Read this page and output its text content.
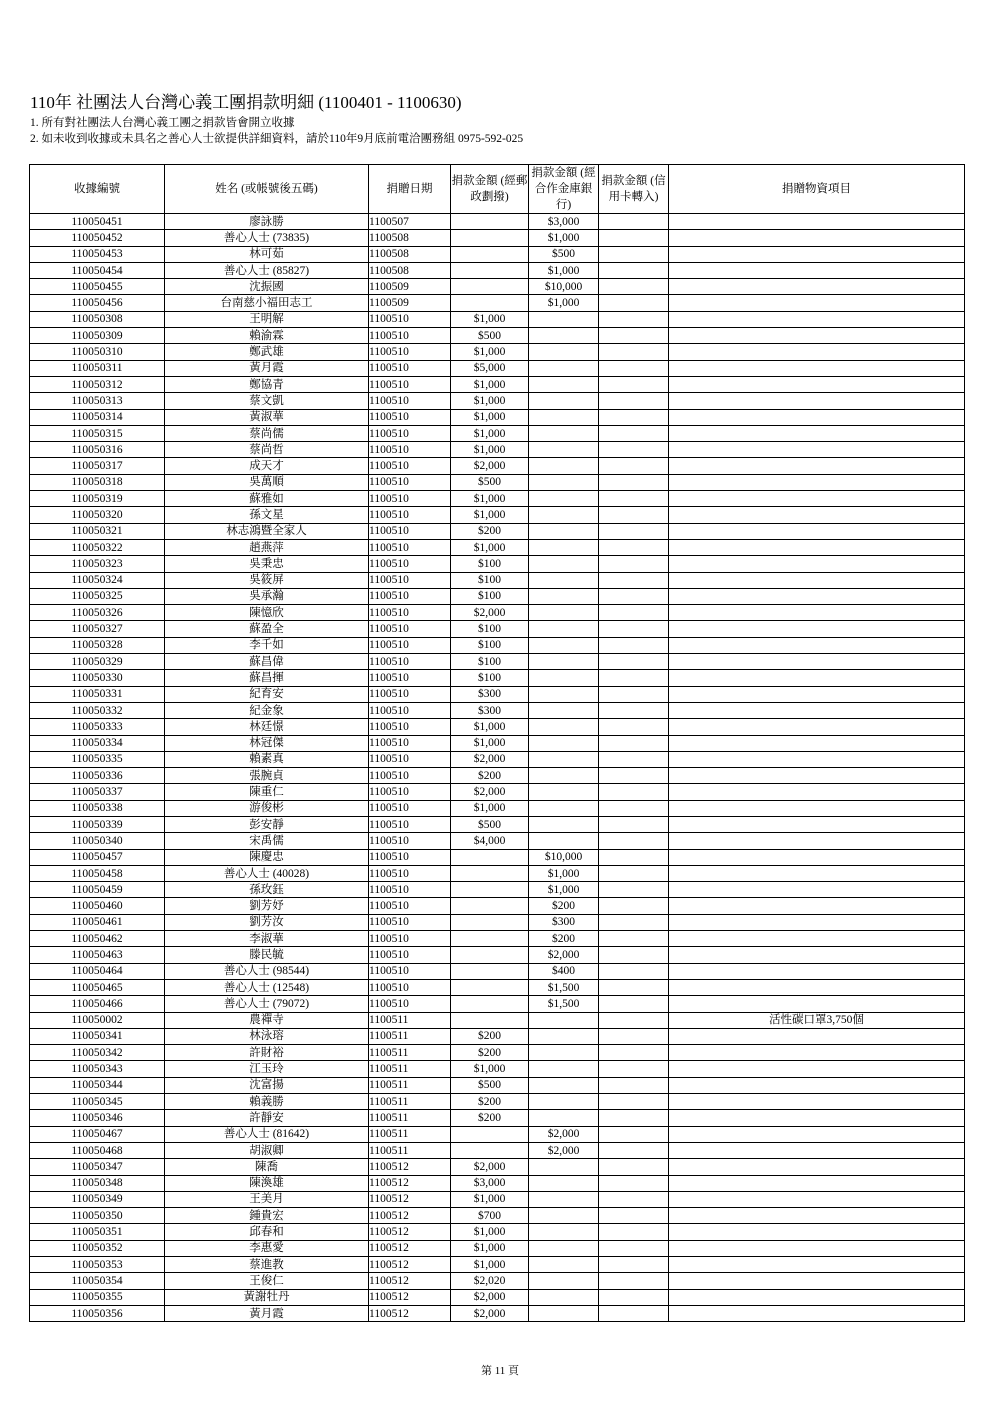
110年 社團法人台灣心義工團捐款明細 (1100401 - 1100630)
1. 所有對社團法人台灣心義工團之捐款皆會開立收據
2. 如未收到收據或未具名之善心人士欲提供詳細資料，請於110年9月底前電洽團務組 0975-592-025
收據編號	姓名 (或帳號後五碼)	捐贈日期	捐款金額 (經郵政劃撥)	捐款金額 (經合作金庫銀行)	捐款金額 (信用卡轉入)	捐贈物資項目
110050451	廖詠勝	1100507		$3,000		
110050452	善心人士 (73835)	1100508		$1,000		
110050453	林可茹	1100508		$500		
110050454	善心人士 (85827)	1100508		$1,000		
110050455	沈振國	1100509		$10,000		
110050456	台南慈小福田志工	1100509		$1,000		
110050308	王明解	1100510	$1,000			
110050309	賴渝霖	1100510	$500			
110050310	鄭武雄	1100510	$1,000			
110050311	黃月霞	1100510	$5,000			
110050312	鄭協青	1100510	$1,000			
110050313	蔡文凱	1100510	$1,000			
110050314	黃淑華	1100510	$1,000			
110050315	蔡尚儒	1100510	$1,000			
110050316	蔡尚哲	1100510	$1,000			
110050317	成天才	1100510	$2,000			
110050318	吳萬順	1100510	$500			
110050319	蘇雅如	1100510	$1,000			
110050320	孫文星	1100510	$1,000			
110050321	林志鴻暨全家人	1100510	$200			
110050322	趙燕萍	1100510	$1,000			
110050323	吳秉忠	1100510	$100			
110050324	吳筱屏	1100510	$100			
110050325	吳承瀚	1100510	$100			
110050326	陳憶欣	1100510	$2,000			
110050327	蘇盈全	1100510	$100			
110050328	李千如	1100510	$100			
110050329	蘇昌偉	1100510	$100			
110050330	蘇昌揮	1100510	$100			
110050331	紀育安	1100510	$300			
110050332	紀金象	1100510	$300			
110050333	林廷憬	1100510	$1,000			
110050334	林冠傑	1100510	$1,000			
110050335	賴素真	1100510	$2,000			
110050336	張腕貞	1100510	$200			
110050337	陳重仁	1100510	$2,000			
110050338	游俊彬	1100510	$1,000			
110050339	彭安靜	1100510	$500			
110050340	宋禹儒	1100510	$4,000			
110050457	陳慶忠	1100510		$10,000		
110050458	善心人士 (40028)	1100510		$1,000		
110050459	孫玫鈺	1100510		$1,000		
110050460	劉芳妤	1100510		$200		
110050461	劉芳汝	1100510		$300		
110050462	李淑華	1100510		$200		
110050463	滕民毓	1100510		$2,000		
110050464	善心人士 (98544)	1100510		$400		
110050465	善心人士 (12548)	1100510		$1,500		
110050466	善心人士 (79072)	1100510		$1,500		
110050002	農禪寺	1100511				活性碳口罩3,750個
110050341	林泳瑢	1100511	$200			
110050342	許財裕	1100511	$200			
110050343	江玉玲	1100511	$1,000			
110050344	沈富揚	1100511	$500			
110050345	賴義勝	1100511	$200			
110050346	許靜安	1100511	$200			
110050467	善心人士 (81642)	1100511		$2,000		
110050468	胡淑卿	1100511		$2,000		
110050347	陳喬	1100512	$2,000			
110050348	陳渙雄	1100512	$3,000			
110050349	王美月	1100512	$1,000			
110050350	鍾貴宏	1100512	$700			
110050351	邱春和	1100512	$1,000			
110050352	李惠愛	1100512	$1,000			
110050353	蔡進教	1100512	$1,000			
110050354	王俊仁	1100512	$2,020			
110050355	黃謝牡丹	1100512	$2,000			
110050356	黃月霞	1100512	$2,000			
第 11 頁
